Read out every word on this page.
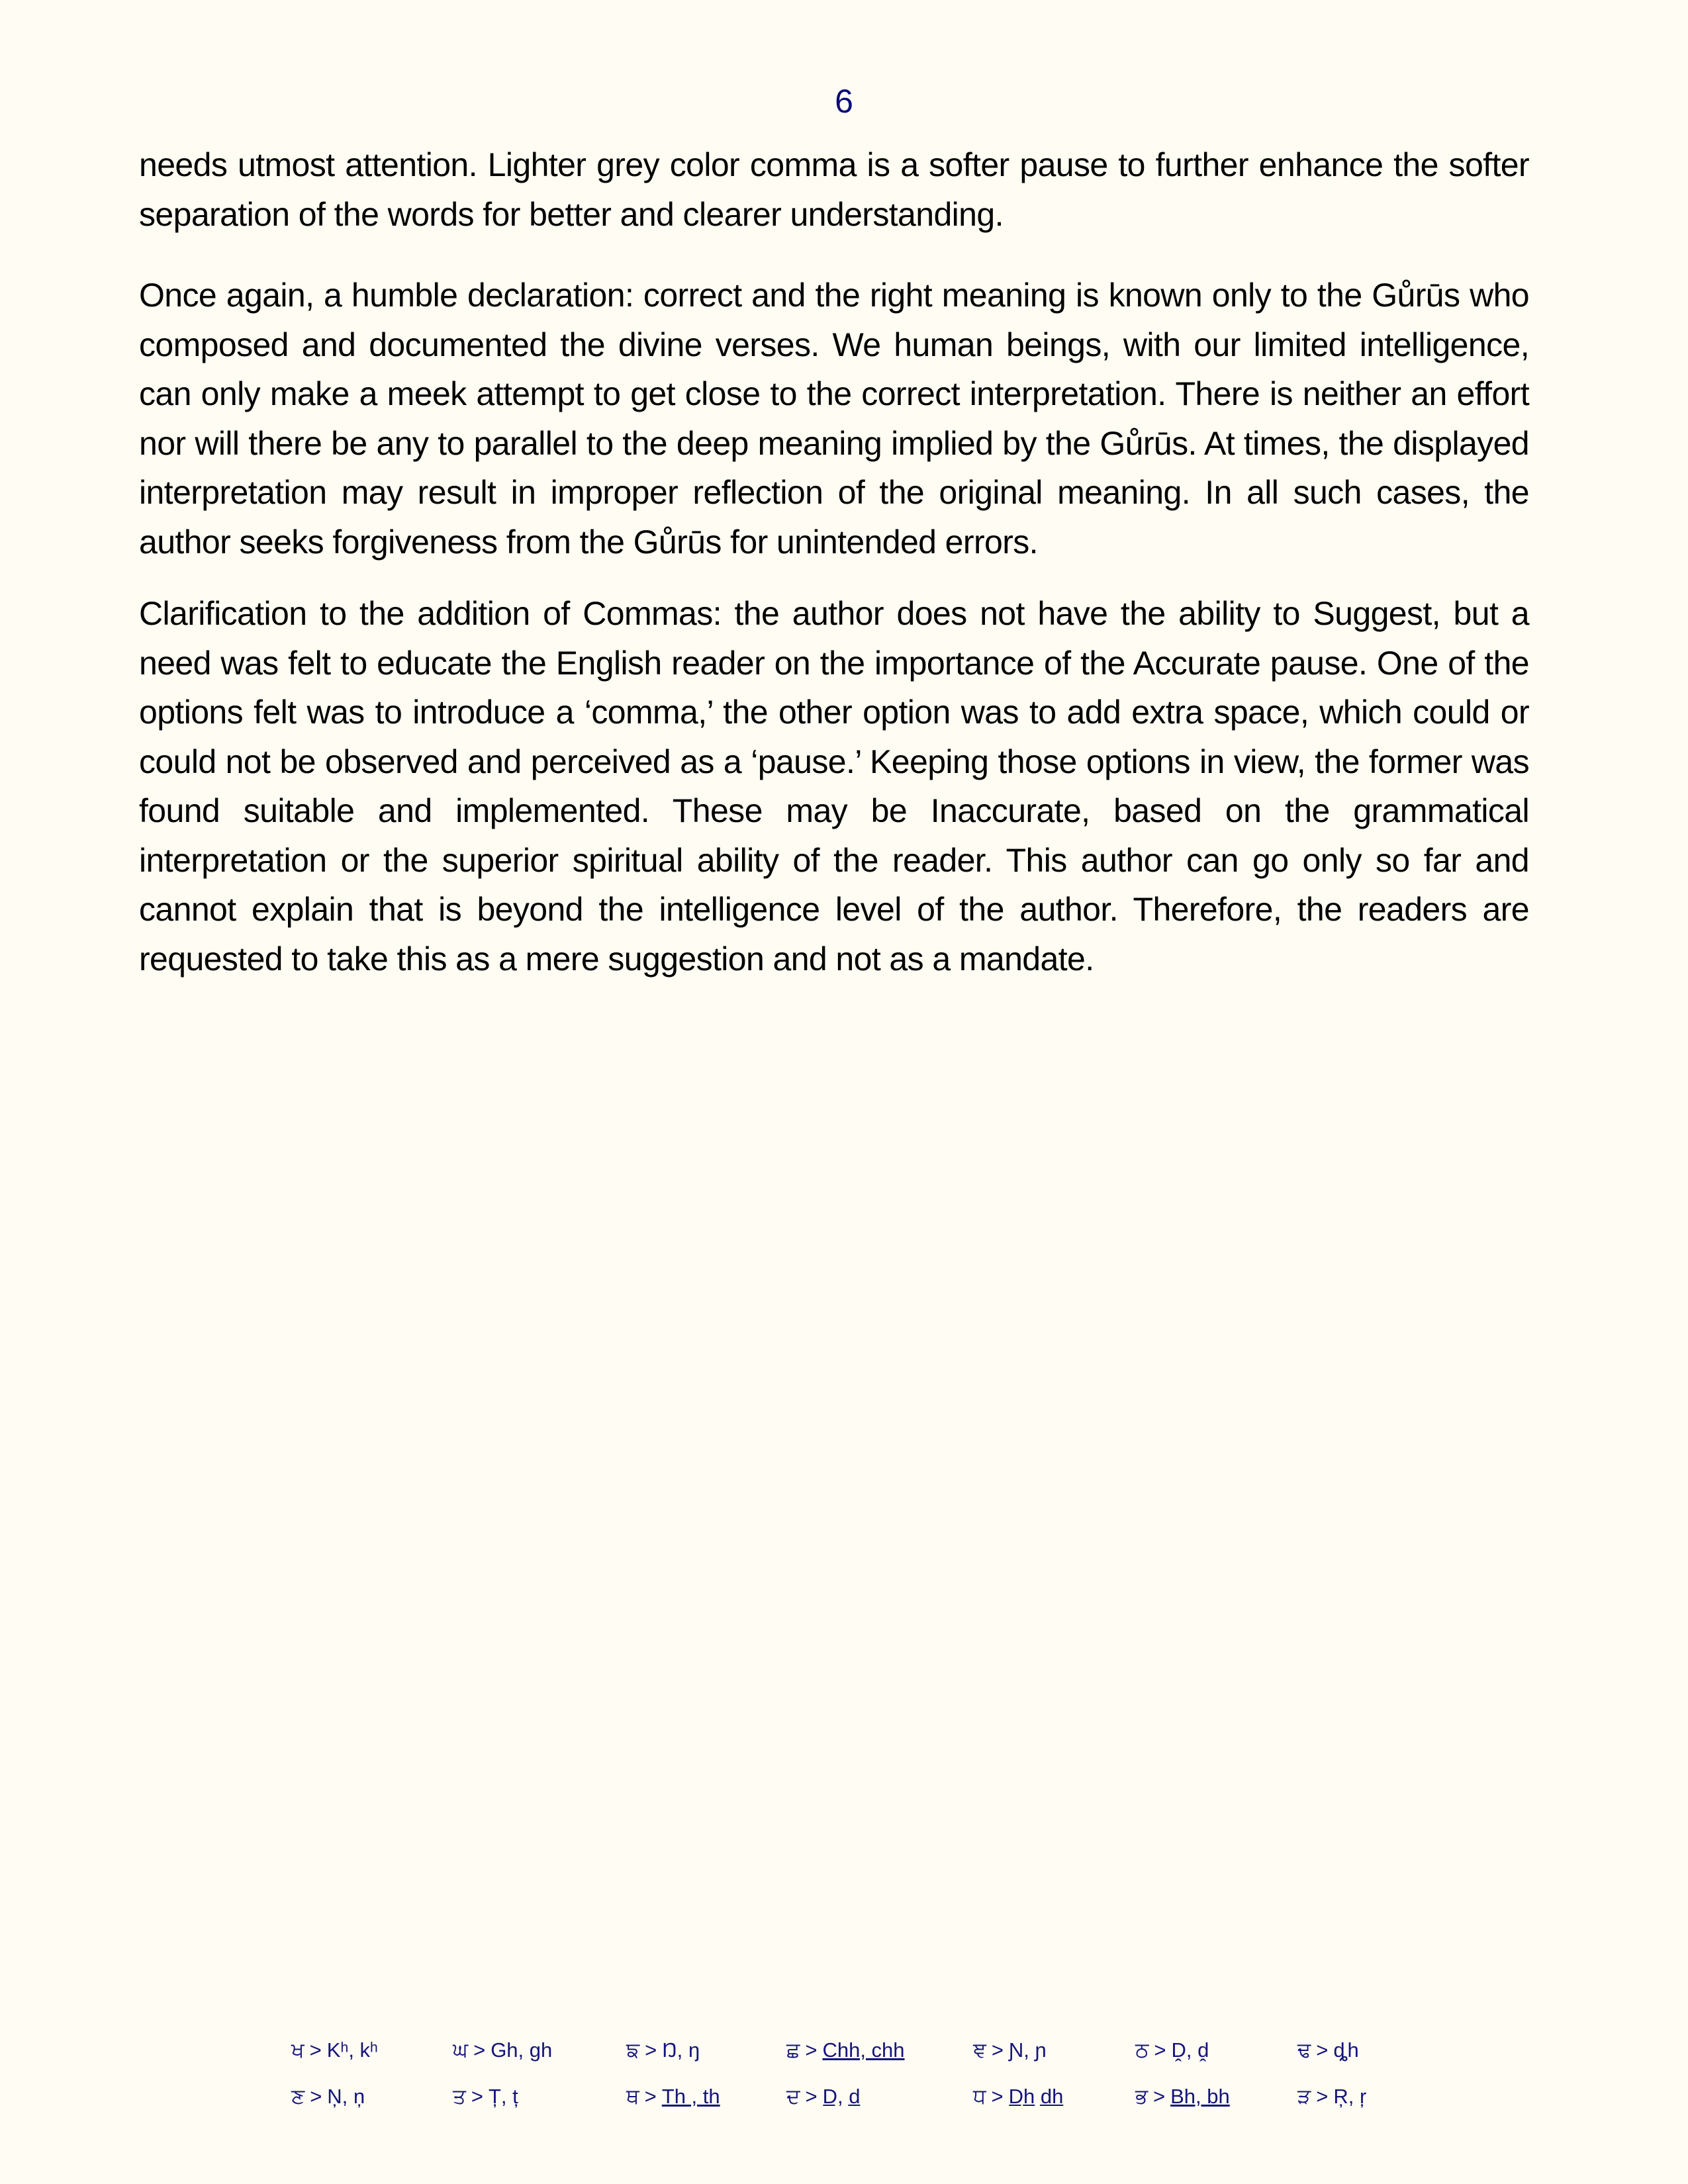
6

needs utmost attention. Lighter grey color comma is a softer pause to further enhance the softer separation of the words for better and clearer understanding.

Once again, a humble declaration: correct and the right meaning is known only to the Gůrūs who composed and documented the divine verses. We human beings, with our limited intelligence, can only make a meek attempt to get close to the correct interpretation. There is neither an effort nor will there be any to parallel to the deep meaning implied by the Gůrūs. At times, the displayed interpretation may result in improper reflection of the original meaning. In all such cases, the author seeks forgiveness from the Gůrūs for unintended errors.

Clarification to the addition of Commas: the author does not have the ability to Suggest, but a need was felt to educate the English reader on the importance of the Accurate pause. One of the options felt was to introduce a ‘comma,’ the other option was to add extra space, which could or could not be observed and perceived as a ‘pause.’ Keeping those options in view, the former was found suitable and implemented. These may be Inaccurate, based on the grammatical interpretation or the superior spiritual ability of the reader. This author can go only so far and cannot explain that is beyond the intelligence level of the author. Therefore, the readers are requested to take this as a mere suggestion and not as a mandate.

ਖ > Kʰ, kʰ	ਘ > Gh, gh	ਙ > Ŋ, ŋ	ਛ > Chh, chh	ਞ > Ɲ, ɲ	ਠ > Ḓ, ḓ	ਢ > ȡh
ਣ > Ņ, ņ	ਤ > Ț, ț	ਥ > Th , th	ਦ > D̲, d̲	ਧ > D̲h̲ d̲h̲	ਭ > Bh, bh	ੜ > Ŗ, ŗ
